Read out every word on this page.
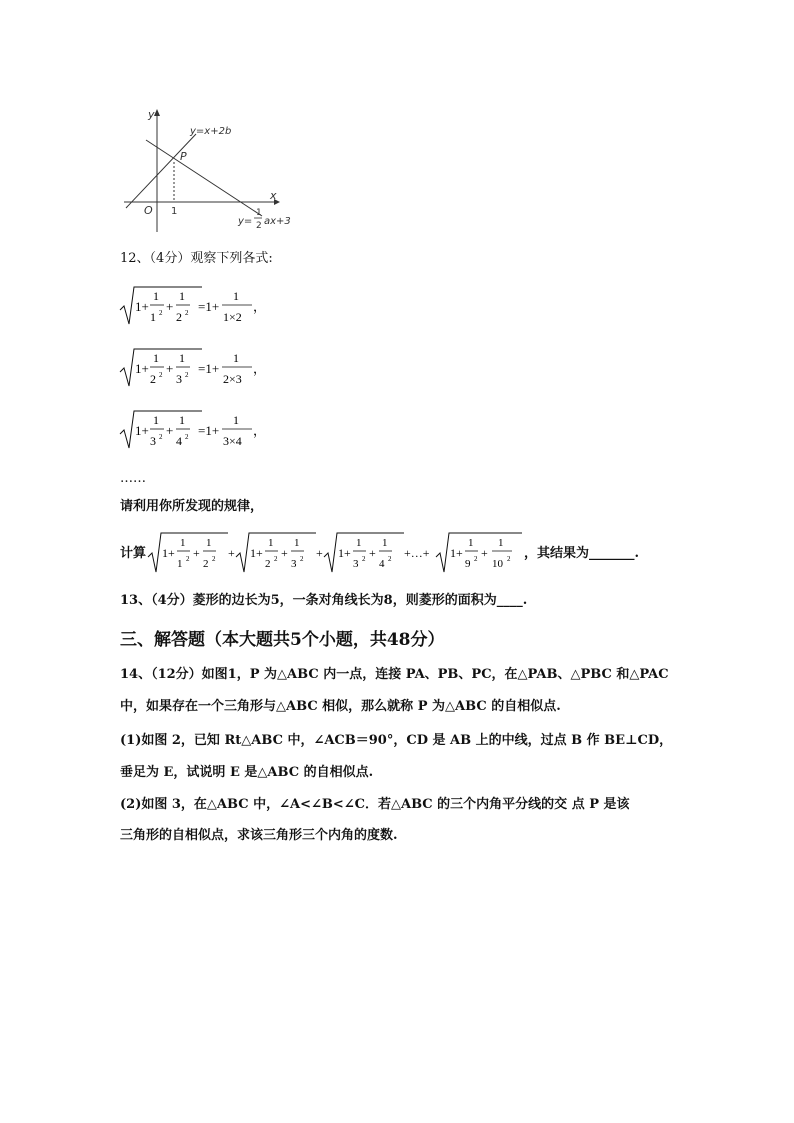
y
x
O 1
P
y=x+2b
y=
1
2 ax+3
12、（4分）观察下列各式:
1+
1
1 2 +
1
2 2 =1+
1
1×2
，
1+
1
2 2 +
1
3 2 =1+
1
2×3
，
1+
1
3 2 +
1
4 2 =1+
1
3×4
，
……
请利用你所发现的规律，
计算 1+
1
1 2 +
1
2 2 + 1+
1
2 2 +
1
3 2 + 1+
1
3 2 +
1
4 2 +…+ 1+
1
9 2 +
1
10 2 ，其结果为_______.
13、（4分）菱形的边长为5，一条对角线长为8，则菱形的面积为____.
三、解答题（本大题共5个小题，共48分）
14、（12分）如图1，P 为△ABC 内一点，连接 PA、PB、PC，在△PAB、△PBC 和△PAC
中，如果存在一个三角形与△ABC 相似，那么就称 P 为△ABC 的自相似点.
(1)如图 2，已知 Rt△ABC 中，∠ACB＝90°，CD 是 AB 上的中线，过点 B 作 BE⊥CD，
垂足为 E，试说明 E 是△ABC 的自相似点.
(2)如图 3，在△ABC 中，∠A<∠B<∠C．若△ABC 的三个内角平分线的交 点 P 是该
三角形的自相似点，求该三角形三个内角的度数.
